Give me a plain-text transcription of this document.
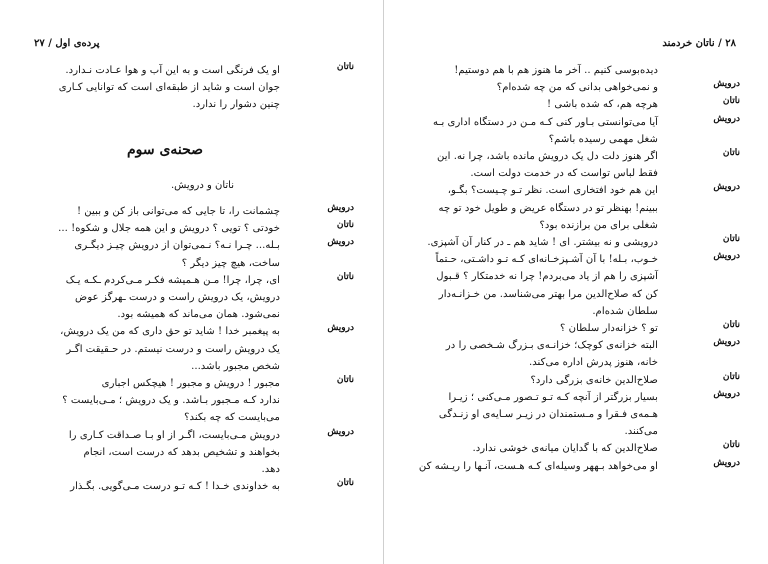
پرده‌ی اول / ۲۷
ناتان
او یک فرنگی است و به این آب و هوا عـادت نـدارد.
جوان است و شاید از طبقه‌ای است که توانایی کـاری
چنین دشوار را ندارد.
صحنه‌ی سوم
ناتان و درویش.
درویش
چشمانت را، تا جایی که می‌توانی باز کن و ببین !
ناتان
خودتی ؟ تویی ؟ درویش و این همه جلال و شکوه! ...
درویش
بـله... چـرا نـه؟ نـمی‌توان از درویش چیـز دیگـری
ساخت، هیچ چیز دیگر ؟
ناتان
ای، چرا، چرا! مـن هـمیشه فکـر مـی‌کردم ـکـه یـک
درویش، یک درویش راست و درست ـهرگز عوض
نمی‌شود. همان می‌ماند که همیشه بود.
درویش
به پیغمبر خدا ! شاید تو حق داری که من یک درویش،
یک درویش راست و درست نیستم. در حـقیقت اگـر
شخص مجبور باشد...
ناتان
مجبور ! درویش و مجبور ! هیچکس اجباری
ندارد کـه مـجبور بـاشد. و یک درویش ؛ مـی‌بایست ؟
می‌بایست که چه بکند؟
درویش
درویش مـی‌بایست، اگـر از او بـا صـداقت کـاری را
بخواهند و تشخیص بدهد که درست است، انجام
دهد.
ناتان
به خداوندی خـدا ! کـه تـو درست مـی‌گویی. بگـذار
۲۸ / ناتان خردمند
دیده‌بوسی کنیم .. آخر ما هنوز هم با هم دوستیم!
درویش
و نمی‌خواهی بدانی که من چه شده‌ام؟
ناتان
هرچه هم، که شده باشی !
درویش
آیا می‌توانستی بـاور کنی کـه مـن در دستگاه اداری بـه
شغل مهمی رسیده باشم؟
ناتان
اگر هنوز دلت دل یک درویش مانده باشد، چرا نه. این
فقط لباس تواست که در خدمت دولت است.
درویش
این هم خود افتخاری است. نظر تـو چـیست؟ بگـو،
ببینم! بهنظر تو در دستگاه عریض و طویل خود تو چه
شغلی برای من برازنده بود؟
ناتان
درویشی و نه بیشتر. ای ! شاید هم ـ در کنار آن آشپزی.
درویش
خـوب، بـله! با آن آشـپزخـانه‌ای کـه تـو داشـتی، حـتماً
آشپزی را هم از یاد می‌بردم! چرا نه خدمتکار ؟ قـبول
کن که صلاح‌الدین مرا بهتر می‌شناسد. من خـزانـه‌دار
سلطان شده‌ام.
ناتان
تو ؟ خزانه‌دار سلطان ؟
درویش
البته خزانه‌ی کوچک؛ خزانـه‌ی بـزرگ شـخصی را در
خانه، هنوز پدرش اداره می‌کند.
ناتان
صلاح‌الدین خانه‌ی بزرگی دارد؟
درویش
بسیار بزرگتر از آنچه کـه تـو تـصور مـی‌کنی ؛ زیـرا
هـمه‌ی فـقرا و مـستمندان در زیـر سـایه‌ی او زنـدگی
می‌کنند.
ناتان
صلاح‌الدین که با گدایان میانه‌ی خوشی ندارد.
درویش
او می‌خواهد بـههر وسیله‌ای کـه هـست، آنـها را ریـشه کن
